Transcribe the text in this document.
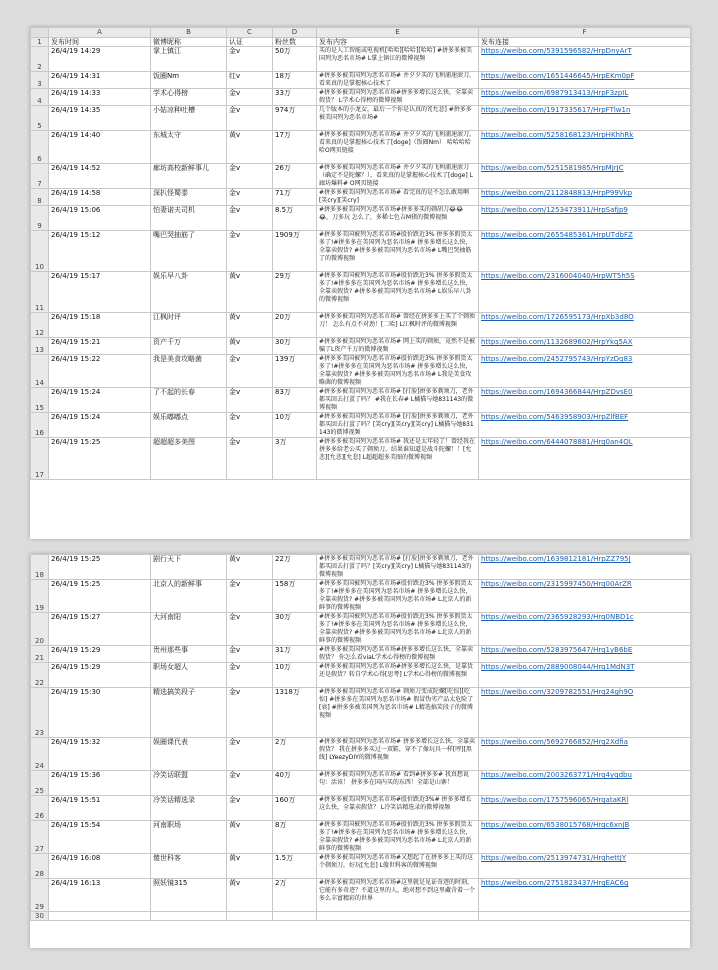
	A	B	C	D	E	F
1	发布时间	微博昵称	认证	粉丝数	发布内容	发布连接
2	26/4/19 14:29	掌上镇江	金v	50万	买的是人工智能或电视机[哈哈][哈哈][哈哈] #拼多多被美国列为恶名市场# L掌上镇江的微博视频	https://weibo.com/5391596582/HrpDnyArT
3	26/4/19 14:31	饭圈Nm	红v	18万	#拼多多被美国列为恶名市场# 并夕夕买的飞利浦速滚刀，看来真的是掌握核心技术了	https://weibo.com/1651446645/HrpEKm0pF
4	26/4/19 14:33	学术心得榜	金v	33万	#拼多多被美国列为恶名市场#拼多多增长这么快，全靠卖假货？ L学术心得榜的微博视频	https://weibo.com/6987913413/HrpF3zpIL
5	26/4/19 14:35	小姑凉种吐槽	金v	974万	几个版本的小龙女，最后一个你是认真的?[允悲] #拼多多被美国列为恶名市场#	https://weibo.com/1917335617/HrpFTlw1n
6	26/4/19 14:40	东城太守	黄v	17万	#拼多多被美国列为恶名市场# 并夕夕买的飞利浦速滚刀，看来真的是掌握核心技术了[doge]（饭圈Nm） 哈哈哈哈哈O网页链接	https://weibo.com/5258168123/HrpHKhhRk
7	26/4/19 14:52	廊坊高校新鲜事儿	金v	26万	#拼多多被美国列为恶名市场# 并夕夕买的飞利浦速滚刀（确定不是陀螺？），看来真的是掌握核心技术了[doge] L廊坊爆料# O网页链接	https://weibo.com/5251581985/HrpMJrJC
8	26/4/19 14:58	深扒怪蜀黍	金v	71万	#拼多多被美国列为恶名市场# 看完真的是不怎么敢用啊 [笑cry][笑cry]	https://weibo.com/2112848813/HrpP99Vkp
9	26/4/19 15:06	怕妻诺夫司机	金v	8.5万	#拼多多被美国列为恶名市场#拼多多买的剃胡刀😂😂😂，刀多玩 怎么了，多稀七色吉M猪的微博视频	https://weibo.com/1253473911/HrpSafJp9
10	26/4/19 15:12	嘴巴哭抽筋了	金v	1909万	#拼多多美国被列为恶名市场#股价跌近3% 拼多多假货太多了!#拼多多在美国列为恶名市场# 拼多多增长这么快，全靠卖假货? #拼多多被美国列为恶名市场# L嘴巴哭抽筋了的微博视频	https://weibo.com/2655485361/HrpUTdbFZ
11	26/4/19 15:17	娱乐早八卦	黄v	29万	#拼多多美国被列为恶名市场#股价跌近3% 拼多多假货太多了!#拼多多在美国列为恶名市场# 拼多多增长这么快，全靠卖假货? #拼多多被美国列为恶名市场# L娱乐早八卦的微博视频	https://weibo.com/2316004040/HrpWT5h5S
12	26/4/19 15:18	江枫时评	黄v	20万	#拼多多被美国列为恶名市场# 曾经在拼多多上买了个剃须刀！ 怎么有点不对劲！[二哈] L江枫时评的微博视频	https://weibo.com/1726595173/HrpXb3d8O
13	26/4/19 15:21	资产千万	黄v	30万	#拼多多被美国列为恶名市场# 网上买的剃须，竟然不是被骗了L资产千万的微博视频	https://weibo.com/1132689602/HrpYkq5AX
14	26/4/19 15:22	我是美食攻略菌	金v	139万	#拼多多美国被列为恶名市场#股价跌近3% 拼多多假货太多了!#拼多多在美国列为恶名市场# 拼多多增长这么快，全靠卖假货? #拼多多被美国列为恶名市场# L我是美食攻略菌的微博视频	https://weibo.com/2452795743/HrpYzDq83
15	26/4/19 15:24	了不起的长春	金v	83万	#拼多多被美国列为恶名市场# [打脸]拼多多剃须刀，老外都买回去打蛋了吗？ #我在长春# L橘猫与她831143的微博视频	https://weibo.com/1694366844/HrpZDvsE0
16	26/4/19 15:24	娱乐嘟嘟点	金v	10万	#拼多多被美国列为恶名市场# [打脸]拼多多剃须刀，老外都买回去打蛋了吗？[笑cry][笑cry][笑cry] L橘猫与她831143的微博视频	https://weibo.com/5463958903/HrpZlfBEF
17	26/4/19 15:25	超超超多美图	金v	3万	#拼多多被美国列为恶名市场# 我还是太年轻了！曾经我在拼多多给老公买了剃须刀，结果谁知道是战斗陀螺！！[允悲][允悲][允悲] L超超超多美图的微博视频	https://weibo.com/6444078881/Hrq0an4QL
18	26/4/19 15:25	剧行天下	黄v	22万	#拼多多被美国列为恶名市场# [打脸]拼多多剃须刀，老外都买回去打蛋了吗？[笑cry][笑cry] L橘猫与她831143的微博视频	https://weibo.com/1639812181/HrpZZ795J
19	26/4/19 15:25	北京人的新鲜事	金v	158万	#拼多多美国被列为恶名市场#股价跌近3% 拼多多假货太多了!#拼多多在美国列为恶名市场# 拼多多增长这么快，全靠卖假货? #拼多多被美国列为恶名市场# L北京人的新鲜事的微博视频	https://weibo.com/2315997450/Hrq00ArZR
20	26/4/19 15:27	大河南阳	金v	30万	#拼多多美国被列为恶名市场#股价跌近3% 拼多多假货太多了!#拼多多在美国列为恶名市场# 拼多多增长这么快，全靠卖假货? #拼多多被美国列为恶名市场# L北京人的新鲜事的微博视频	https://weibo.com/2365928293/Hrq0NBD1c
21	26/4/19 15:29	贵州那些事	金v	31万	#拼多多被美国列为恶名市场#拼多多增长这么快，全靠卖假货？ 你怎么看viaL学术心得榜的微博视频	https://weibo.com/5283975647/Hrq1yB6bE
22	26/4/19 15:29	职场女超人	金v	10万	#拼多多被美国列为恶名市场#拼多多增长这么快，是靠货还是假货？转自学术心得[思考] L学术心得榜的微博视频	https://weibo.com/2889008044/Hrq1MdN3T
23	26/4/19 15:30	精选搞笑段子	金v	1318万	#拼多多被美国列为恶名市场# 剃须刀变成陀螺[吃惊][吃惊] #拼多多在美国列为恶名市场# 假冒伪劣产品太危险了[衰] #拼多多被美国列为恶名市场# L精选搞笑段子的微博视频	https://weibo.com/3209782551/Hrq24gh9O
24	26/4/19 15:32	娱圈课代表	金v	2万	#拼多多被美国列为恶名市场# 拼多多增长这么快，全靠卖假货？ 我在拼多多买过一双鞋，穿不了像玩具一样[哼][黑线] LYeezyDIY的微博视频	https://weibo.com/5692766852/Hrq2Xdfia
25	26/4/19 15:36	冷笑话联盟	金v	40万	#拼多多被美国列为恶名市场# 看到#拼多多# 我真想说句：活该！ 拼多多在国内买的东西！全部是山寨！	https://weibo.com/2003263771/Hrq4yqdbu
26	26/4/19 15:51	冷笑话精选录	金v	160万	#拼多多被美国列为恶名市场#股价跌近3%# 拼多多增长这么快，全靠卖假货？ L冷笑话精选录的微博视频	https://weibo.com/1757596065/HrqataKRl
27	26/4/19 15:54	河南职场	黄v	8万	#拼多多美国被列为恶名市场#股价跌近3% 拼多多假货太多了!#拼多多在美国列为恶名市场# 拼多多增长这么快，全靠卖假货? #拼多多被美国列为恶名市场# L北京人的新鲜事的微博视频	https://weibo.com/6538015768/Hrqc6xnJB
28	26/4/19 16:08	傻世科客	黄v	1.5万	#拼多多被美国列为恶名市场#又想起了在拼多多上买的这个剃须刀，好玩[允悲] L傻世科客的微博视频	https://weibo.com/2513974731/HrqhettJY
29	26/4/19 16:13	照妖镜315	黄v	2万	#拼多多被美国列为恶名市场#这里就是见证奇迹的时刻，它能有多奇迹？不道这里的人，绝对想不到这里藏含着一个多么丰富精彩的世界	https://weibo.com/2751823437/HrqEAC6g
30						
